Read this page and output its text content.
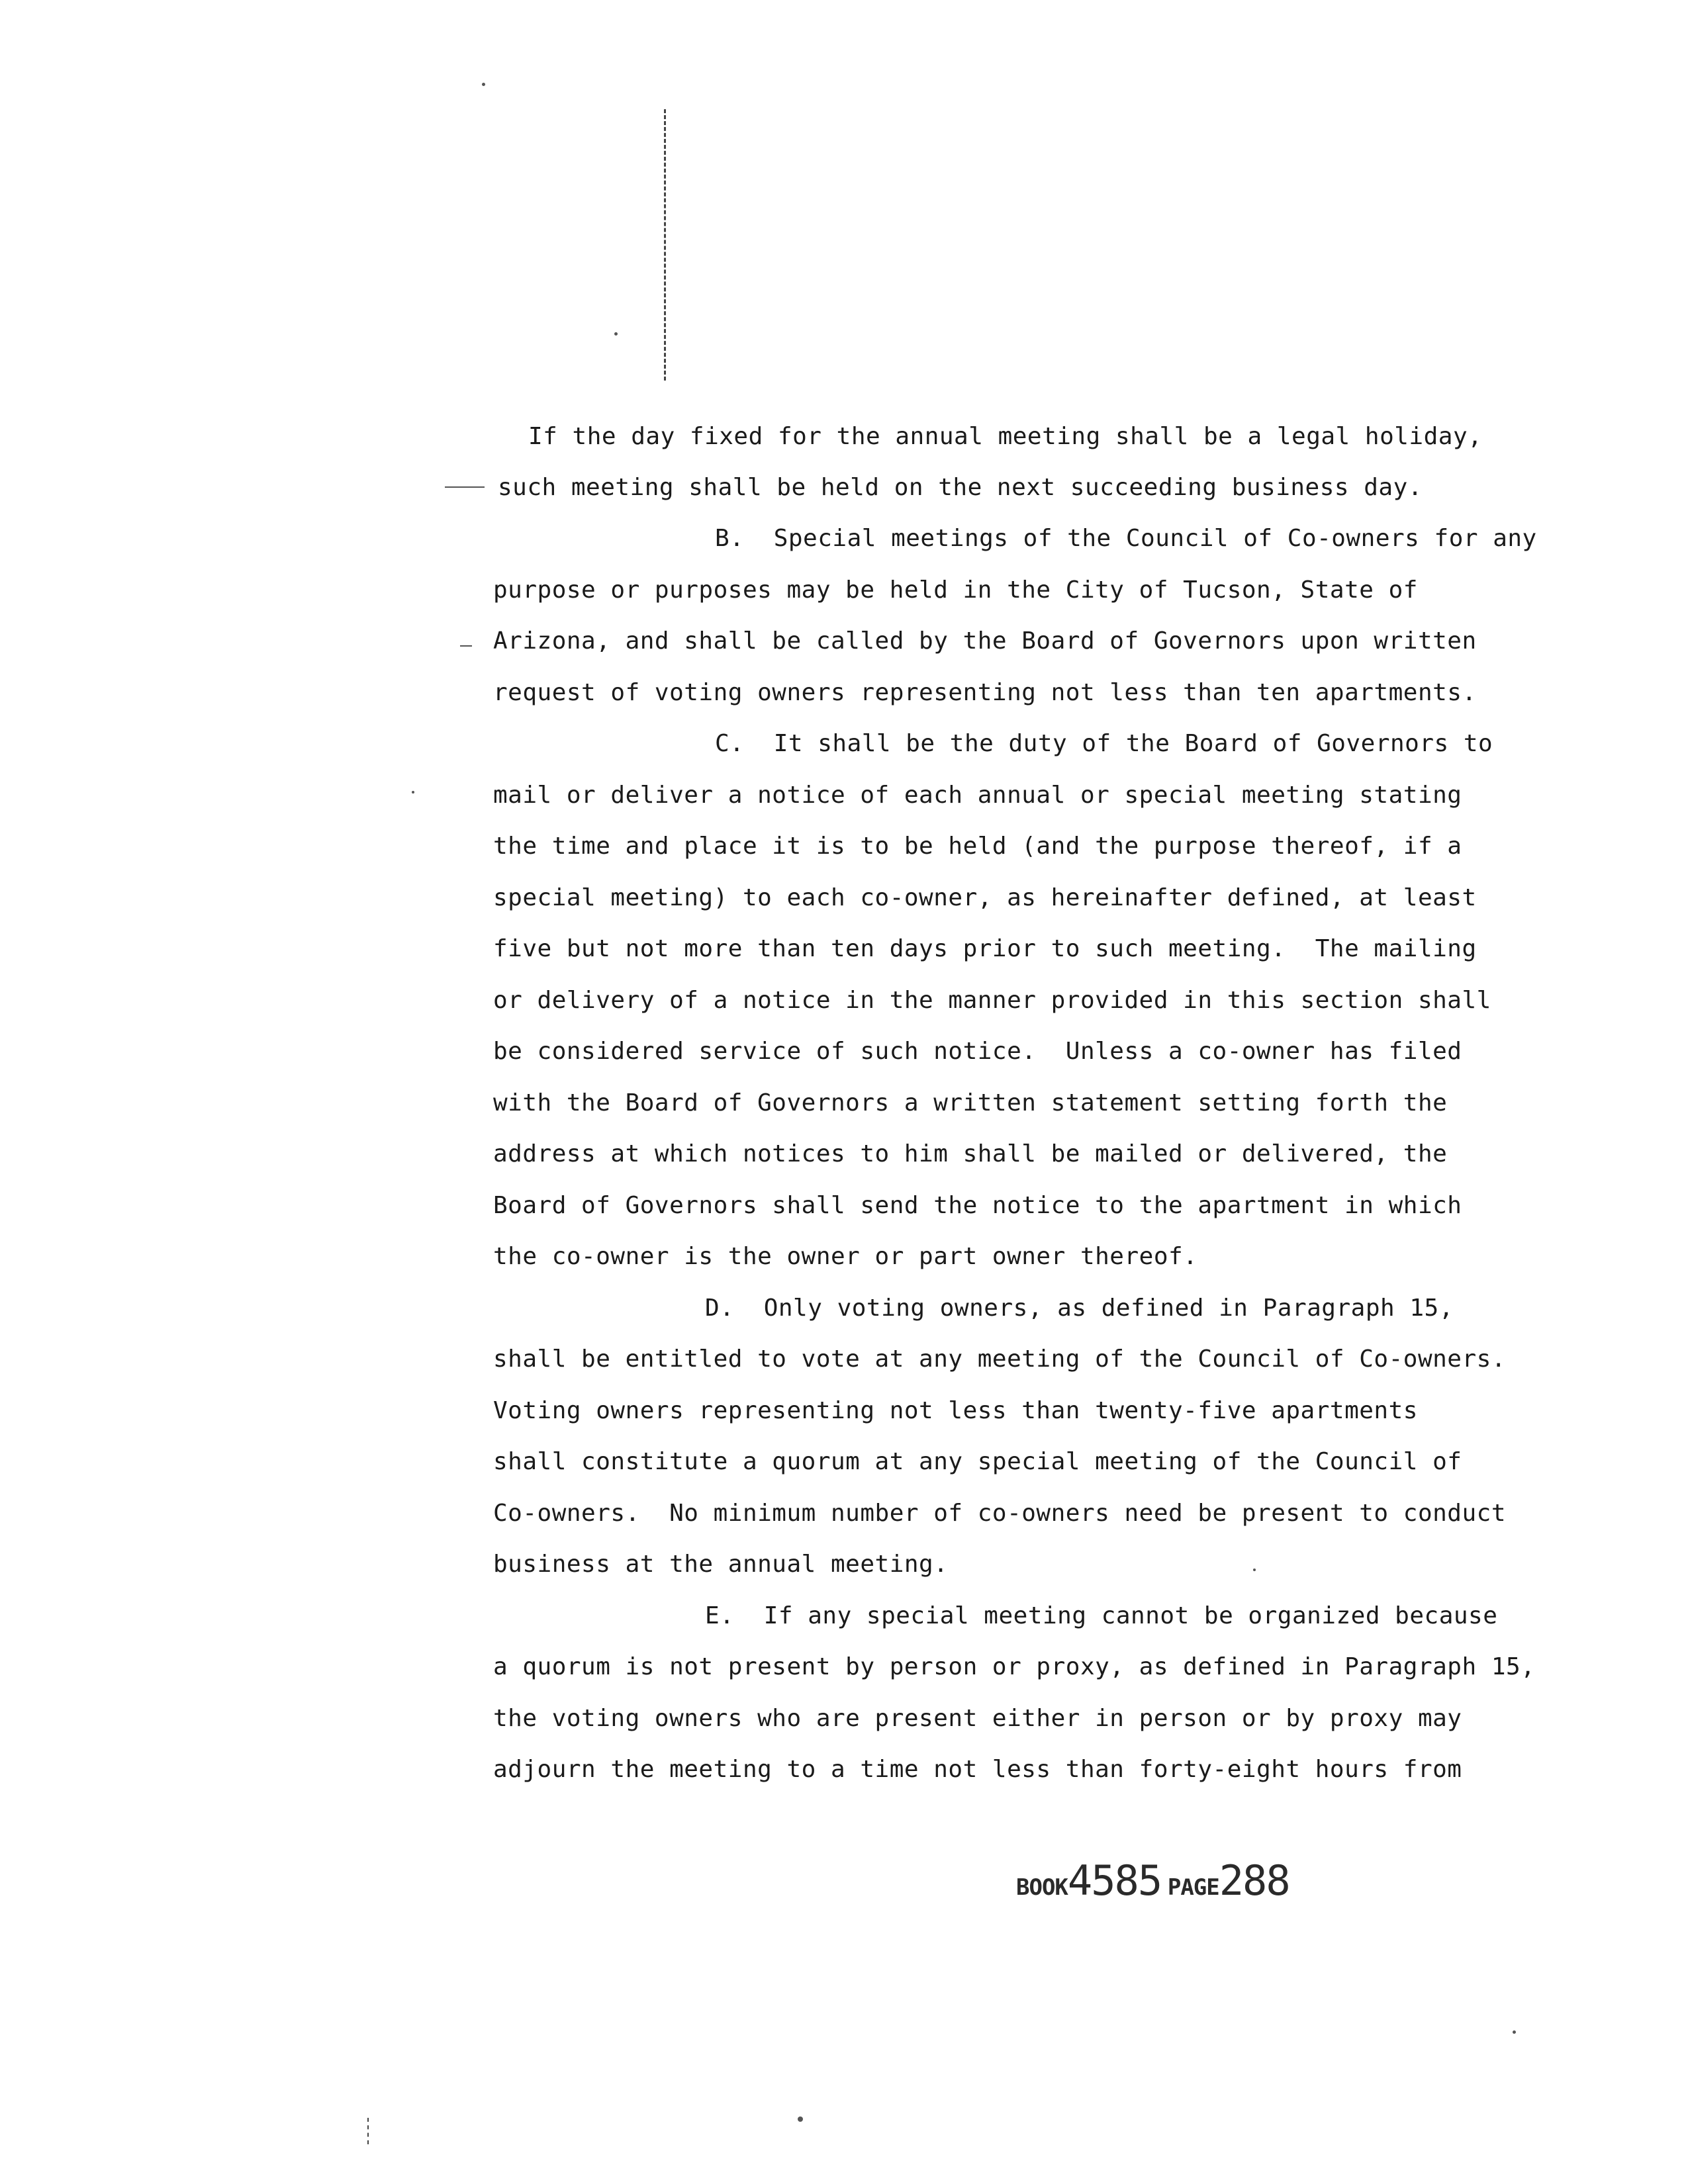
If the day fixed for the annual meeting shall be a legal holiday,
such meeting shall be held on the next succeeding business day.
B.  Special meetings of the Council of Co-owners for any
purpose or purposes may be held in the City of Tucson, State of
Arizona, and shall be called by the Board of Governors upon written
request of voting owners representing not less than ten apartments.
C.  It shall be the duty of the Board of Governors to
mail or deliver a notice of each annual or special meeting stating
the time and place it is to be held (and the purpose thereof, if a
special meeting) to each co-owner, as hereinafter defined, at least
five but not more than ten days prior to such meeting.  The mailing
or delivery of a notice in the manner provided in this section shall
be considered service of such notice.  Unless a co-owner has filed
with the Board of Governors a written statement setting forth the
address at which notices to him shall be mailed or delivered, the
Board of Governors shall send the notice to the apartment in which
the co-owner is the owner or part owner thereof.
D.  Only voting owners, as defined in Paragraph 15,
shall be entitled to vote at any meeting of the Council of Co-owners.
Voting owners representing not less than twenty-five apartments
shall constitute a quorum at any special meeting of the Council of
Co-owners.  No minimum number of co-owners need be present to conduct
business at the annual meeting.
E.  If any special meeting cannot be organized because
a quorum is not present by person or proxy, as defined in Paragraph 15,
the voting owners who are present either in person or by proxy may
adjourn the meeting to a time not less than forty-eight hours from
BOOK4585 PAGE288
